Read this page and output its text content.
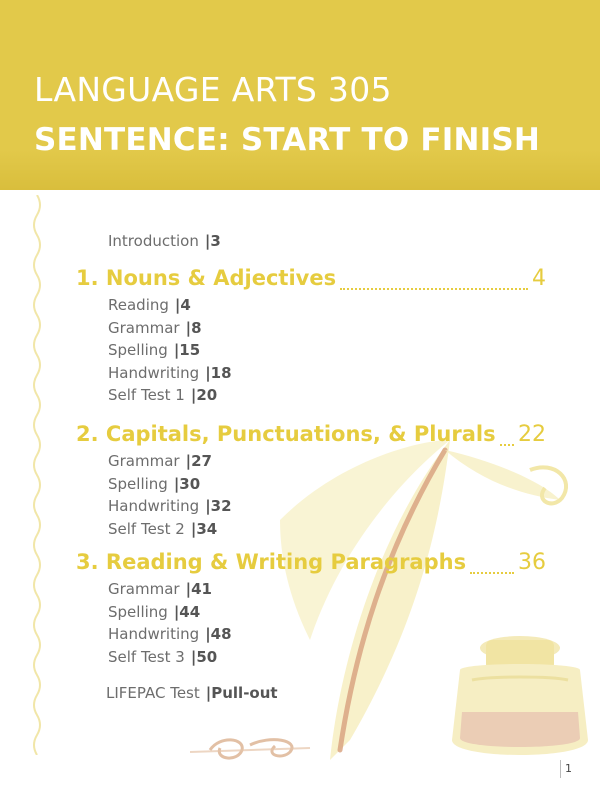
LANGUAGE ARTS 305
SENTENCE: START TO FINISH
Introduction |3
1. Nouns & Adjectives	4
Reading |4
Grammar |8
Spelling |15
Handwriting |18
Self Test 1 |20
2. Capitals, Punctuations, & Plurals 22
Grammar |27
Spelling |30
Handwriting |32
Self Test 2 |34
3. Reading & Writing Paragraphs 36
Grammar |41
Spelling |44
Handwriting |48
Self Test 3 |50
LIFEPAC Test |Pull-out
1
